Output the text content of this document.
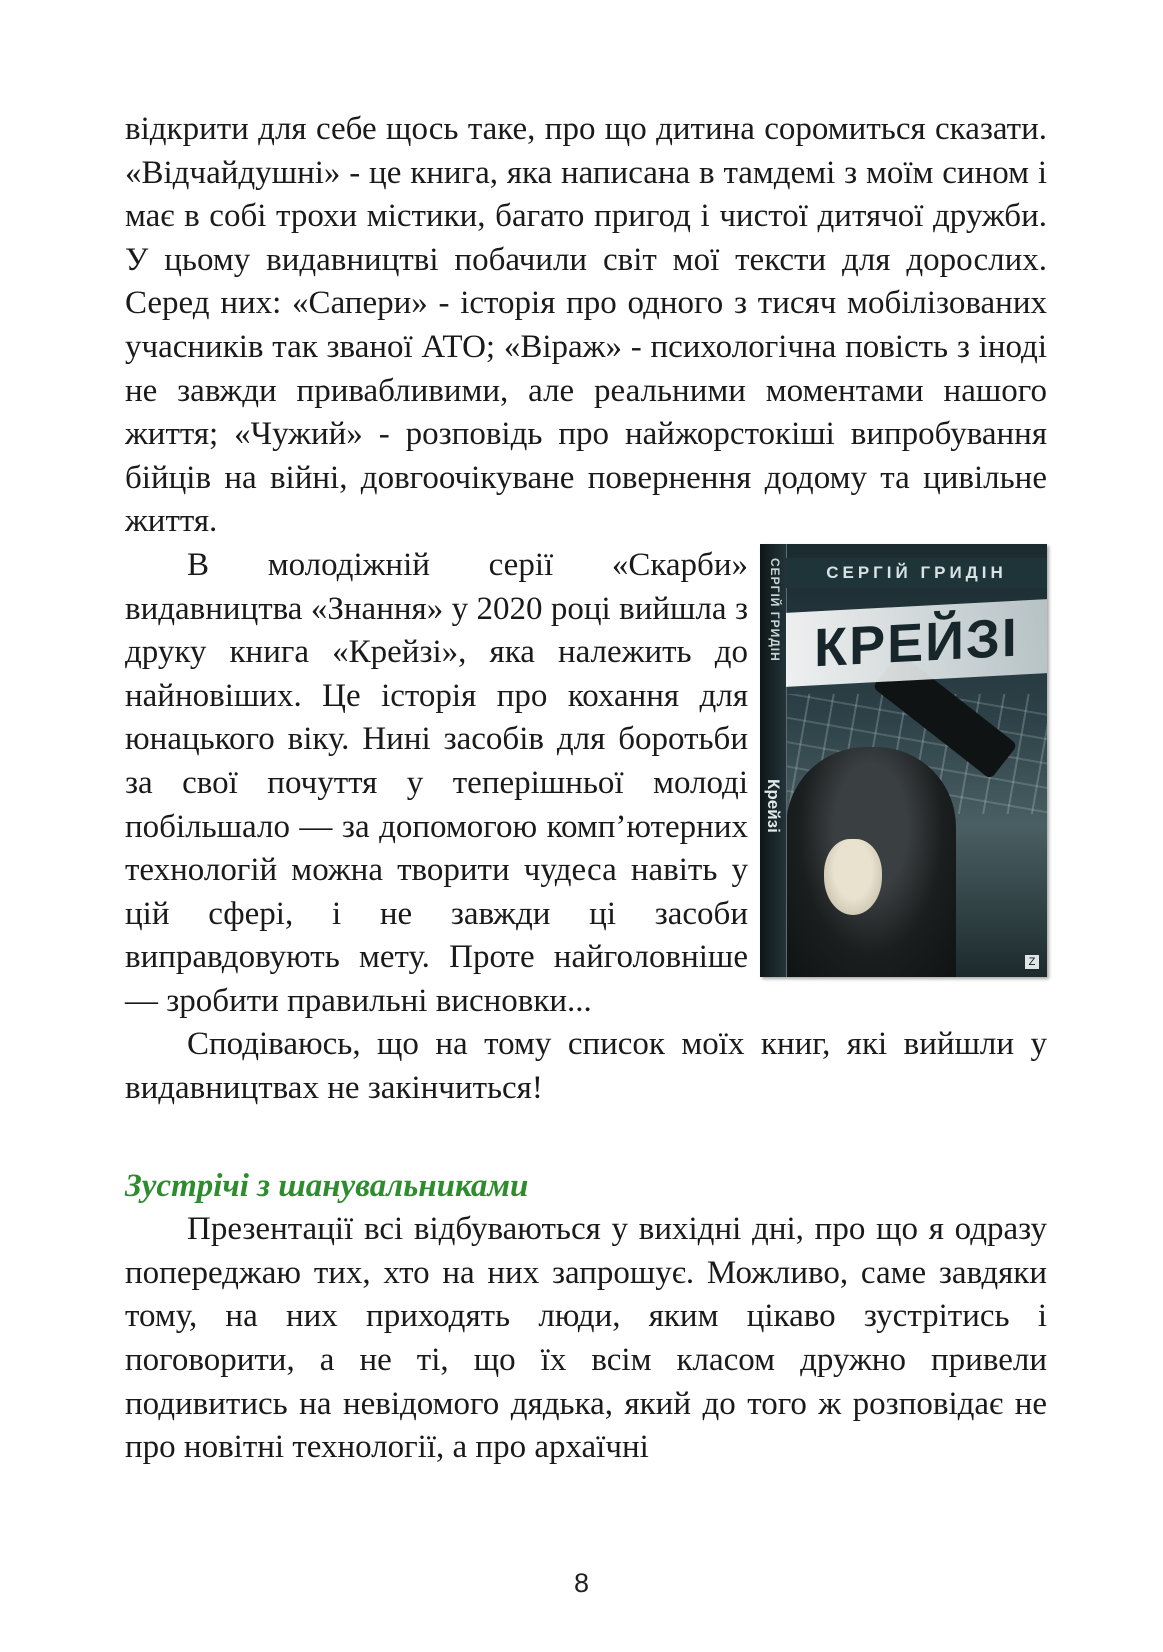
відкрити для себе щось таке, про що дитина соромиться сказати. «Відчайдушні» - це книга, яка написана в тамдемі з моїм сином і має в собі трохи містики, багато пригод і чистої дитячої дружби. У цьому видавництві побачили світ мої тексти для дорослих. Серед них: «Сапери» - історія про одного з тисяч мобілізованих учасників так званої АТО; «Віраж» - психологічна повість з іноді не завжди привабливими, але реальними моментами нашого життя; «Чужий» - розповідь про найжорстокіші випробування бійців на війні, довгоочікуване повернення додому та цивільне життя.

СЕРГІЙ ГРИДІН
Крейзі
СЕРГІЙ ГРИДІН
КРЕЙЗІ
Z

В молодіжній серії «Скарби» видавництва «Знання» у 2020 році вийшла з друку книга «Крейзі», яка належить до найновіших. Це історія про кохання для юнацького віку. Нині засобів для боротьби за свої почуття у теперішньої молоді побільшало — за допомогою комп’ютерних технологій можна творити чудеса навіть у цій сфері, і не завжди ці засоби виправдовують мету. Проте найголовніше — зробити правильні висновки...

Сподіваюсь, що на тому список моїх книг, які вийшли у видавництвах не закінчиться!

Зустрічі з шанувальниками

Презентації всі відбуваються у вихідні дні, про що я одразу попереджаю тих, хто на них запрошує. Можливо, саме завдяки тому, на них приходять люди, яким цікаво зустрітись і поговорити, а не ті, що їх всім класом дружно привели подивитись на невідомого дядька, який до того ж розповідає не про новітні технології, а про архаїчні

8
